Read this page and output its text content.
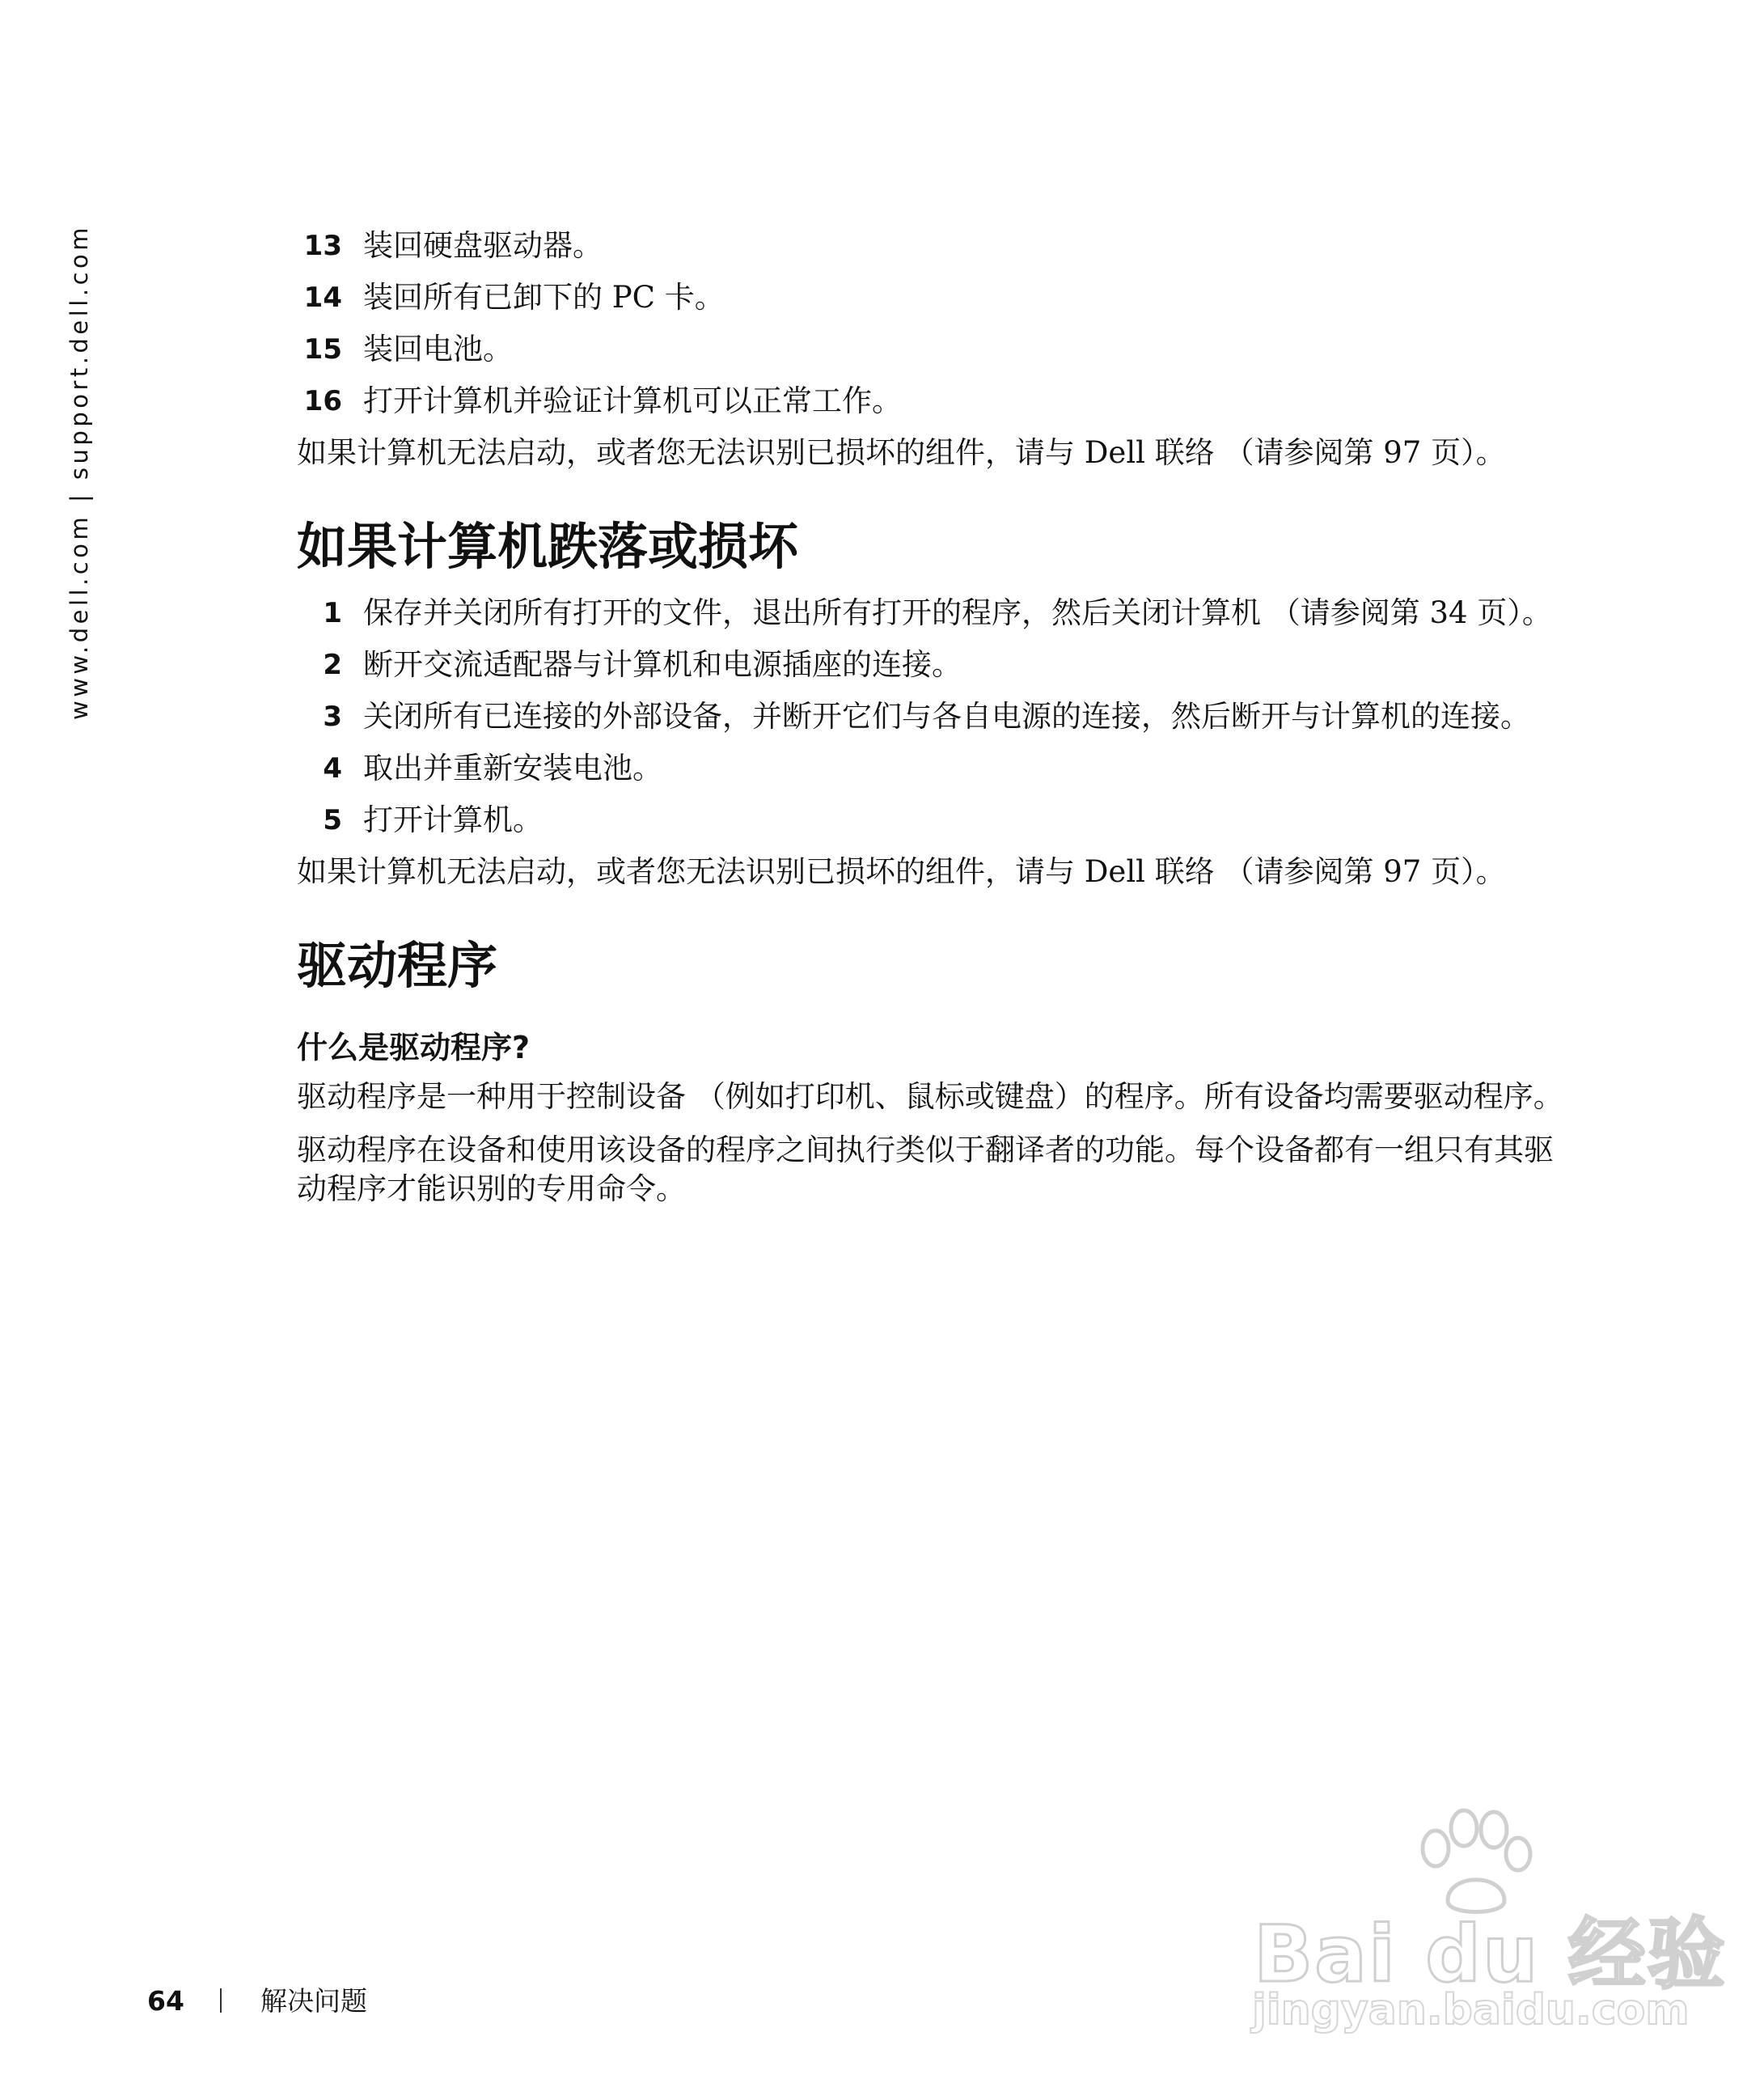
www.dell.com | support.dell.com	13 装回硬盘驱动器。
14 装回所有已卸下的 PC 卡。
15 装回电池。
16 打开计算机并验证计算机可以正常工作。

如果计算机无法启动，或者您无法识别已损坏的组件，请与 Dell 联络 （请参阅第 97 页）。

如果计算机跌落或损坏
1 保存并关闭所有打开的文件，退出所有打开的程序，然后关闭计算机 （请参阅第 34 页）。
2 断开交流适配器与计算机和电源插座的连接。
3 关闭所有已连接的外部设备，并断开它们与各自电源的连接，然后断开与计算机的连接。
4 取出并重新安装电池。
5 打开计算机。

如果计算机无法启动，或者您无法识别已损坏的组件，请与 Dell 联络 （请参阅第 97 页）。

驱动程序
什么是驱动程序?

驱动程序是一种用于控制设备 （例如打印机、鼠标或键盘）的程序。所有设备均需要驱动程序。

驱动程序在设备和使用该设备的程序之间执行类似于翻译者的功能。每个设备都有一组只有其驱动程序才能识别的专用命令。

64	解决问题
Bai du 经验
jingyan.baidu.com
